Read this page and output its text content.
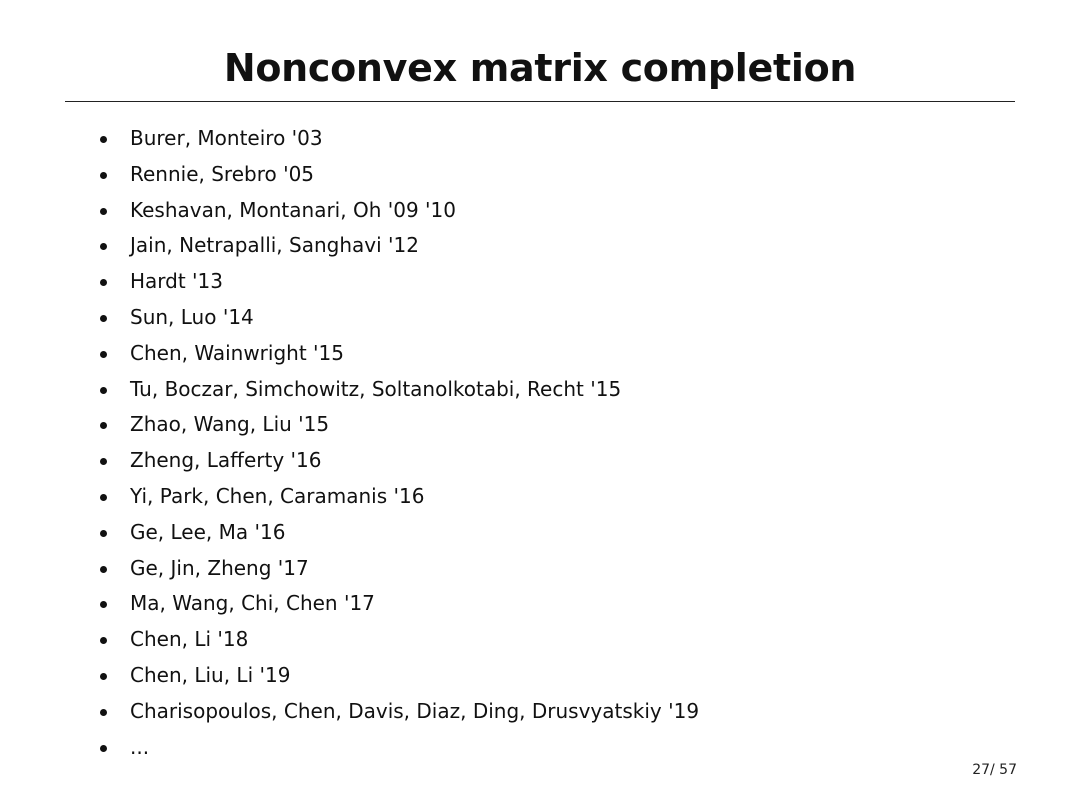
Nonconvex matrix completion
Burer, Monteiro '03
Rennie, Srebro '05
Keshavan, Montanari, Oh '09 '10
Jain, Netrapalli, Sanghavi '12
Hardt '13
Sun, Luo '14
Chen, Wainwright '15
Tu, Boczar, Simchowitz, Soltanolkotabi, Recht '15
Zhao, Wang, Liu '15
Zheng, Lafferty '16
Yi, Park, Chen, Caramanis '16
Ge, Lee, Ma '16
Ge, Jin, Zheng '17
Ma, Wang, Chi, Chen '17
Chen, Li '18
Chen, Liu, Li '19
Charisopoulos, Chen, Davis, Diaz, Ding, Drusvyatskiy '19
...
27/ 57
